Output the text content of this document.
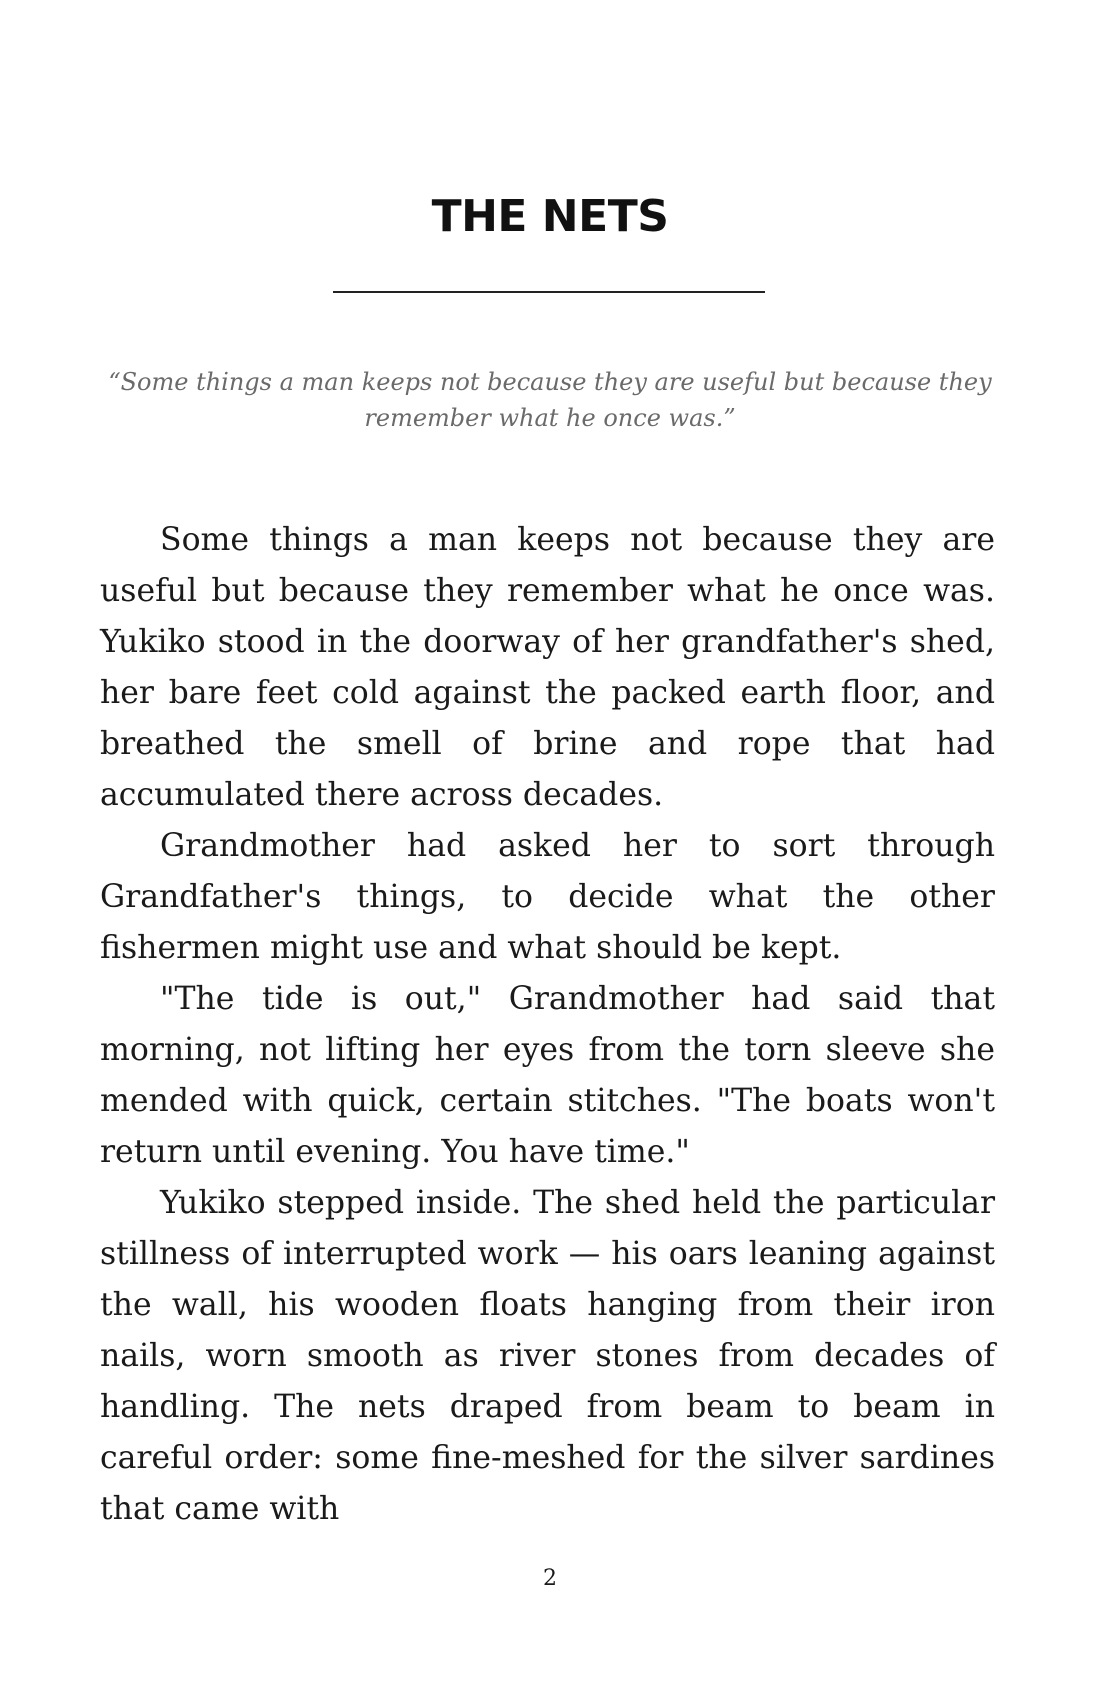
THE NETS

“Some things a man keeps not because they are useful but because they remember what he once was.”

Some things a man keeps not because they are useful but because they remember what he once was. Yukiko stood in the doorway of her grandfather's shed, her bare feet cold against the packed earth floor, and breathed the smell of brine and rope that had accumulated there across decades.

Grandmother had asked her to sort through Grandfather's things, to decide what the other fishermen might use and what should be kept.

"The tide is out," Grandmother had said that morning, not lifting her eyes from the torn sleeve she mended with quick, certain stitches. "The boats won't return until evening. You have time."

Yukiko stepped inside. The shed held the particular stillness of interrupted work — his oars leaning against the wall, his wooden floats hanging from their iron nails, worn smooth as river stones from decades of handling. The nets draped from beam to beam in careful order: some fine-meshed for the silver sardines that came with

2
